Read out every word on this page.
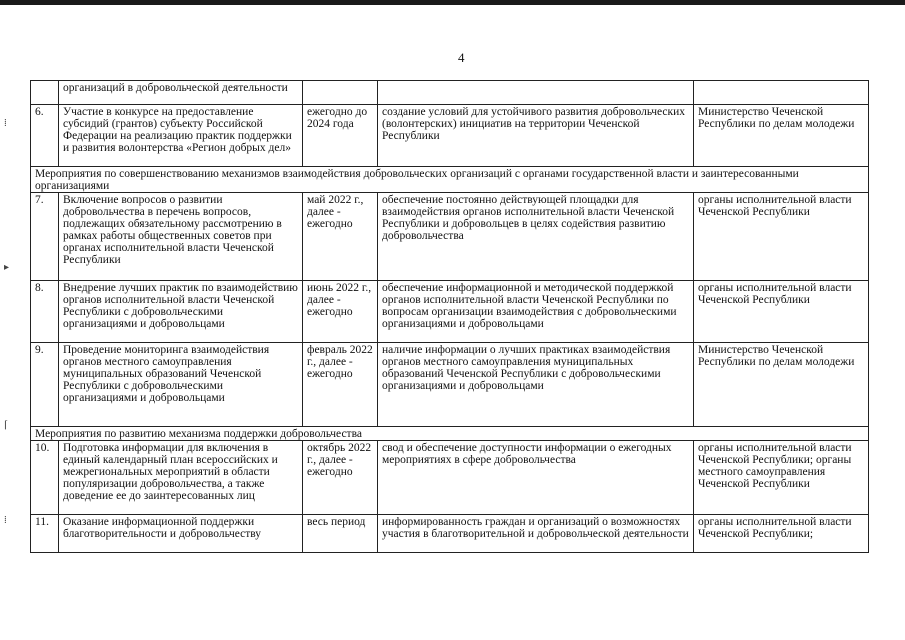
4
	организаций в добровольческой деятельности			
6.	Участие в конкурсе на предоставление субсидий (грантов) субъекту Российской Федерации на реализацию практик поддержки и развития волонтерства «Регион добрых дел»	ежегодно до 2024 года	создание условий для устойчивого развития добровольческих (волонтерских) инициатив на территории Чеченской Республики	Министерство Чеченской Республики по делам молодежи
Мероприятия по совершенствованию механизмов взаимодействия добровольческих организаций с органами государственной власти и заинтересованными организациями				
7.	Включение вопросов о развитии добровольчества в перечень вопросов, подлежащих обязательному рассмотрению в рамках работы общественных советов при органах исполнительной власти Чеченской Республики	май 2022 г., далее - ежегодно	обеспечение постоянно действующей площадки для взаимодействия органов исполнительной власти Чеченской Республики и добровольцев в целях содействия развитию добровольчества	органы исполнительной власти Чеченской Республики
8.	Внедрение лучших практик по взаимодействию органов исполнительной власти Чеченской Республики с добровольческими организациями и добровольцами	июнь 2022 г., далее - ежегодно	обеспечение информационной и методической поддержкой органов исполнительной власти Чеченской Республики по вопросам организации взаимодействия с добровольческими организациями и добровольцами	органы исполнительной власти Чеченской Республики
9.	Проведение мониторинга взаимодействия органов местного самоуправления муниципальных образований Чеченской Республики с добровольческими организациями и добровольцами	февраль 2022 г., далее - ежегодно	наличие информации о лучших практиках взаимодействия органов местного самоуправления муниципальных образований Чеченской Республики с добровольческими организациями и добровольцами	Министерство Чеченской Республики по делам молодежи
Мероприятия по развитию механизма поддержки добровольчества				
10.	Подготовка информации для включения в единый календарный план всероссийских и межрегиональных мероприятий в области популяризации добровольчества, а также доведение ее до заинтересованных лиц	октябрь 2022 г., далее - ежегодно	свод и обеспечение доступности информации о ежегодных мероприятиях в сфере добровольчества	органы исполнительной власти Чеченской Республики; органы местного самоуправления Чеченской Республики
11.	Оказание информационной поддержки благотворительности и добровольчеству	весь период	информированность граждан и организаций о возможностях участия в благотворительной и добровольческой деятельности	органы исполнительной власти Чеченской Республики;
⁞
▸
⌈
⁞
